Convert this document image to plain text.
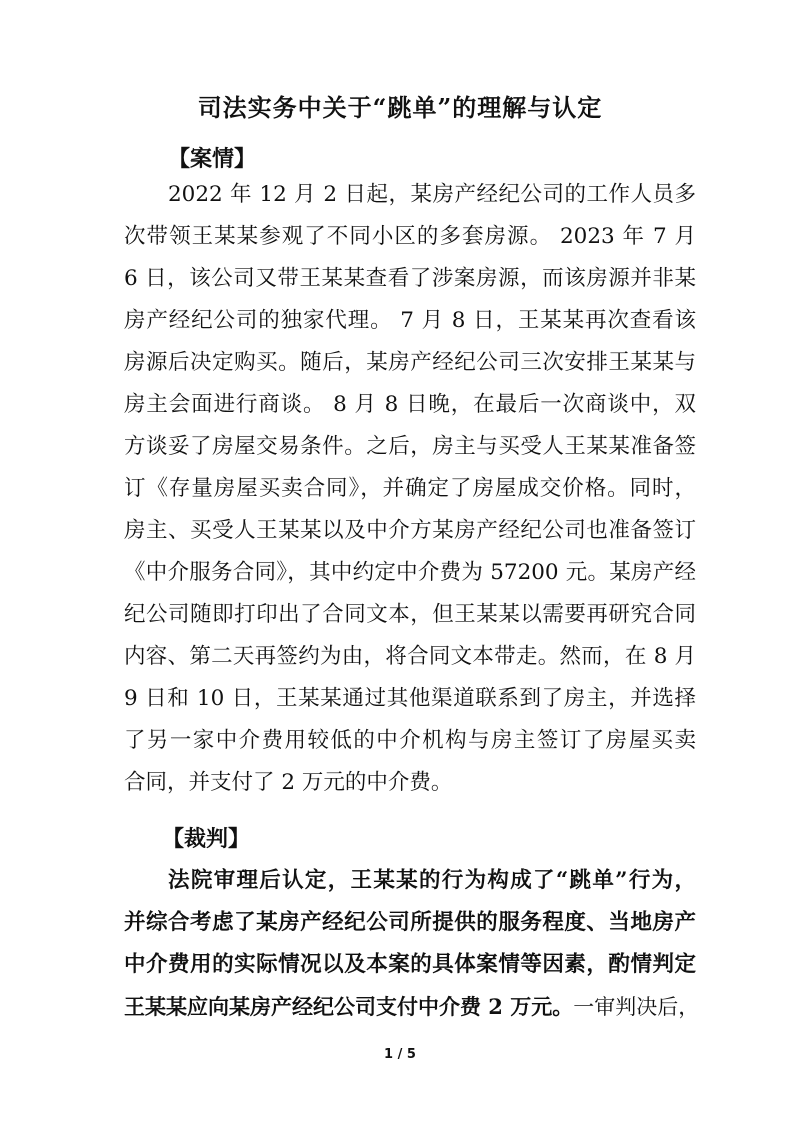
司法实务中关于“跳单”的理解与认定
【案情】

2022 年 12 月 2 日起，某房产经纪公司的工作人员多

次带领王某某参观了不同小区的多套房源。 2023 年 7 月

6 日，该公司又带王某某查看了涉案房源，而该房源并非某

房产经纪公司的独家代理。 7 月 8 日，王某某再次查看该

房源后决定购买。随后，某房产经纪公司三次安排王某某与

房主会面进行商谈。 8 月 8 日晚，在最后一次商谈中，双

方谈妥了房屋交易条件。之后，房主与买受人王某某准备签

订《存量房屋买卖合同》，并确定了房屋成交价格。同时，

房主、买受人王某某以及中介方某房产经纪公司也准备签订

《中介服务合同》，其中约定中介费为 57200 元。某房产经

纪公司随即打印出了合同文本，但王某某以需要再研究合同

内容、第二天再签约为由，将合同文本带走。然而，在 8 月

9 日和 10 日，王某某通过其他渠道联系到了房主，并选择

了另一家中介费用较低的中介机构与房主签订了房屋买卖

合同，并支付了 2 万元的中介费。

【裁判】

法院审理后认定，王某某的行为构成了“跳单”行为，

并综合考虑了某房产经纪公司所提供的服务程度、当地房产

中介费用的实际情况以及本案的具体案情等因素，酌情判定

王某某应向某房产经纪公司支付中介费 2 万元。一审判决后，

1 / 5
